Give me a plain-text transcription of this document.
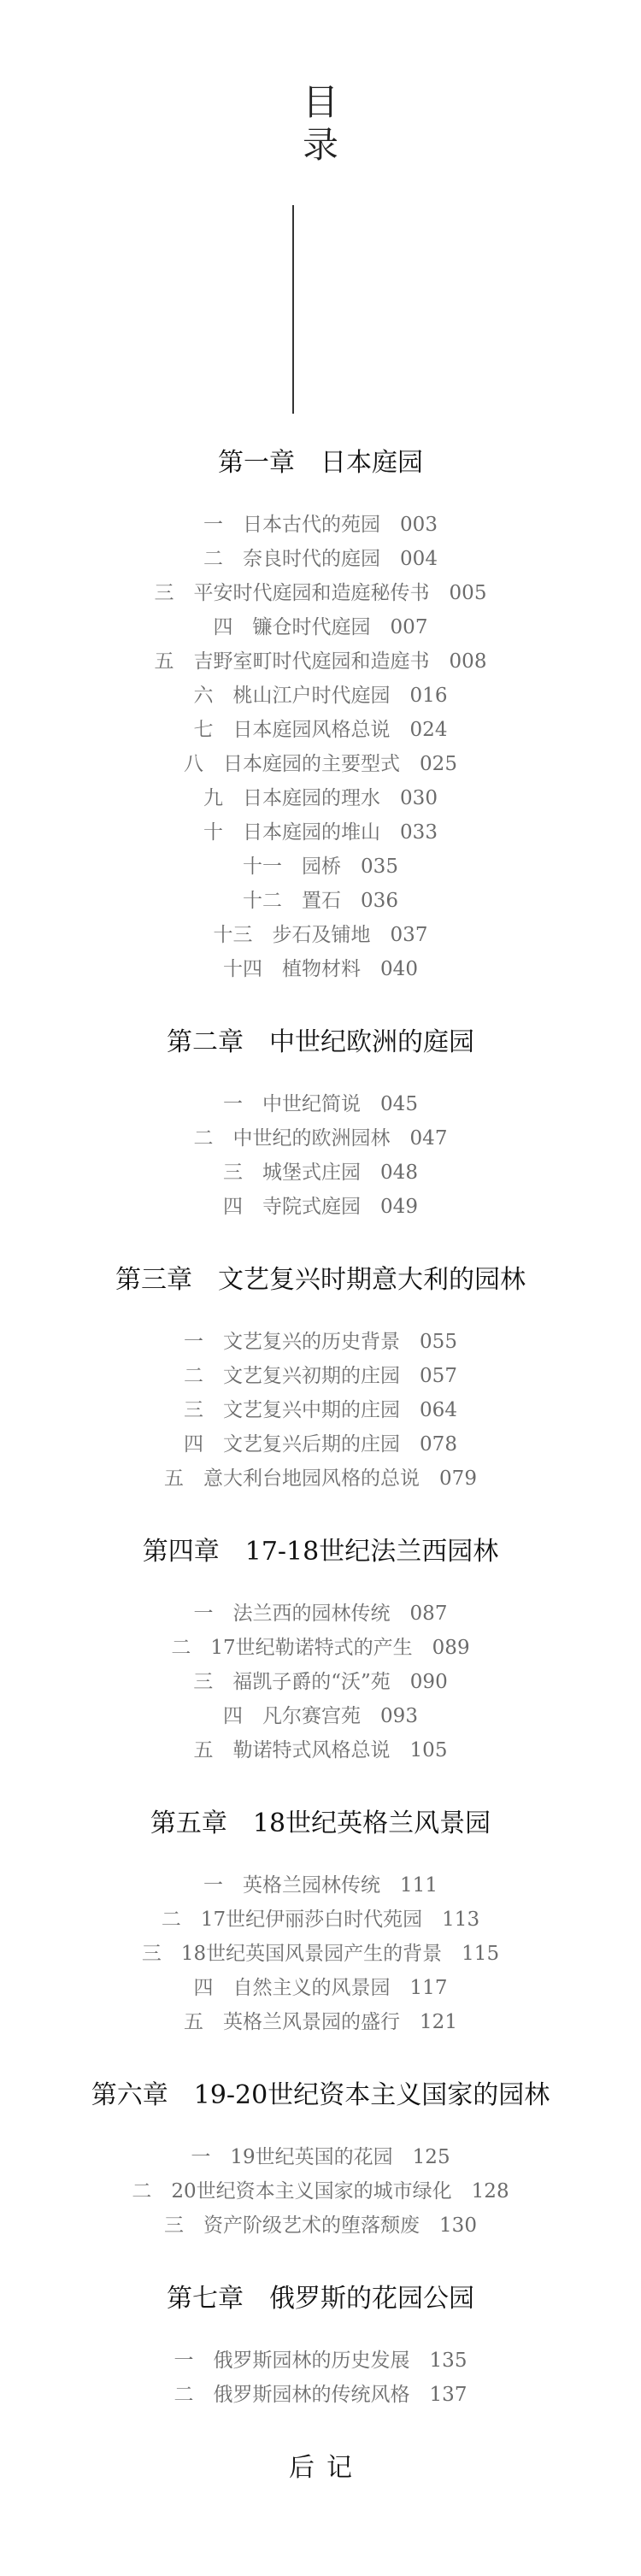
目
录
第一章　日本庭园
一　日本古代的苑园　003
二　奈良时代的庭园　004
三　平安时代庭园和造庭秘传书　005
四　镰仓时代庭园　007
五　吉野室町时代庭园和造庭书　008
六　桃山江户时代庭园　016
七　日本庭园风格总说　024
八　日本庭园的主要型式　025
九　日本庭园的理水　030
十　日本庭园的堆山　033
十一　园桥　035
十二　置石　036
十三　步石及铺地　037
十四　植物材料　040
第二章　中世纪欧洲的庭园
一　中世纪简说　045
二　中世纪的欧洲园林　047
三　城堡式庄园　048
四　寺院式庭园　049
第三章　文艺复兴时期意大利的园林
一　文艺复兴的历史背景　055
二　文艺复兴初期的庄园　057
三　文艺复兴中期的庄园　064
四　文艺复兴后期的庄园　078
五　意大利台地园风格的总说　079
第四章　17-18世纪法兰西园林
一　法兰西的园林传统　087
二　17世纪勒诺特式的产生　089
三　福凯子爵的“沃”苑　090
四　凡尔赛宫苑　093
五　勒诺特式风格总说　105
第五章　18世纪英格兰风景园
一　英格兰园林传统　111
二　17世纪伊丽莎白时代苑园　113
三　18世纪英国风景园产生的背景　115
四　自然主义的风景园　117
五　英格兰风景园的盛行　121
第六章　19-20世纪资本主义国家的园林
一　19世纪英国的花园　125
二　20世纪资本主义国家的城市绿化　128
三　资产阶级艺术的堕落颓废　130
第七章　俄罗斯的花园公园
一　俄罗斯园林的历史发展　135
二　俄罗斯园林的传统风格　137
后记
